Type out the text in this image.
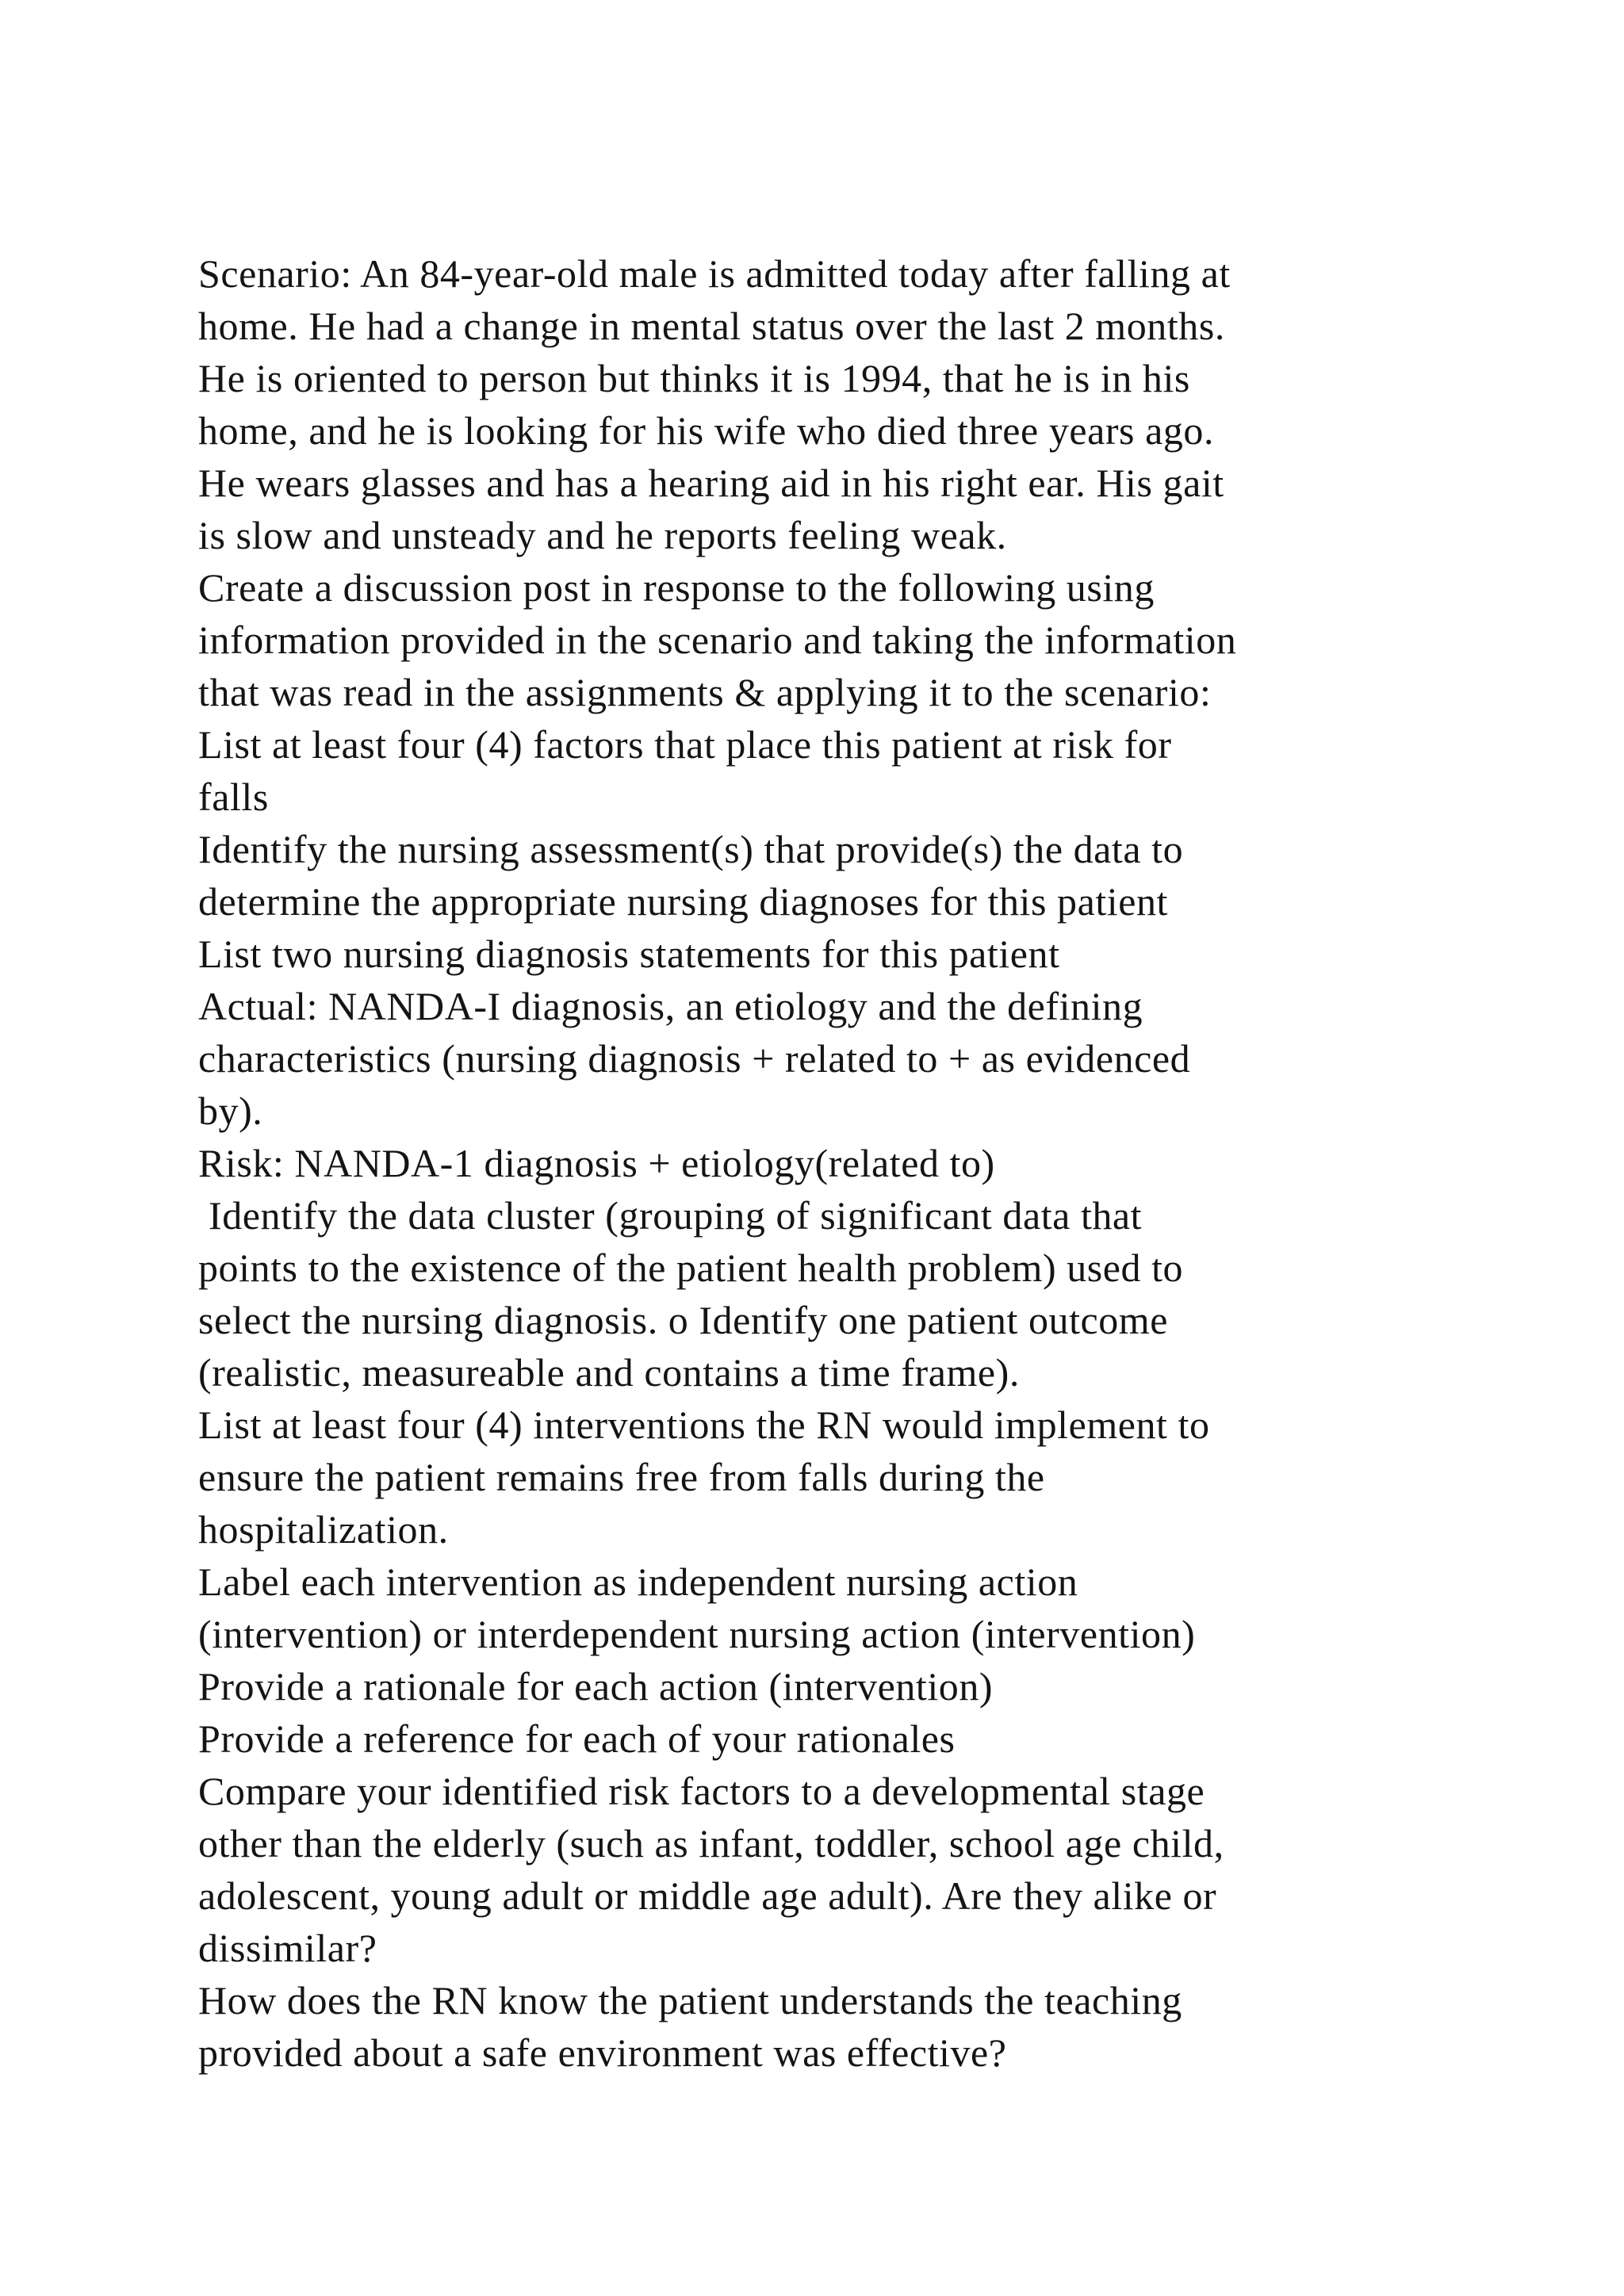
Scenario: An 84-year-old male is admitted today after falling at
home. He had a change in mental status over the last 2 months.
He is oriented to person but thinks it is 1994, that he is in his
home, and he is looking for his wife who died three years ago.
He wears glasses and has a hearing aid in his right ear. His gait
is slow and unsteady and he reports feeling weak.
Create a discussion post in response to the following using
information provided in the scenario and taking the information
that was read in the assignments & applying it to the scenario:
List at least four (4) factors that place this patient at risk for
falls
Identify the nursing assessment(s) that provide(s) the data to
determine the appropriate nursing diagnoses for this patient
List two nursing diagnosis statements for this patient
Actual: NANDA-I diagnosis, an etiology and the defining
characteristics (nursing diagnosis + related to + as evidenced
by).
Risk: NANDA-1 diagnosis + etiology(related to)
Identify the data cluster (grouping of significant data that
points to the existence of the patient health problem) used to
select the nursing diagnosis. o Identify one patient outcome
(realistic, measureable and contains a time frame).
List at least four (4) interventions the RN would implement to
ensure the patient remains free from falls during the
hospitalization.
Label each intervention as independent nursing action
(intervention) or interdependent nursing action (intervention)
Provide a rationale for each action (intervention)
Provide a reference for each of your rationales
Compare your identified risk factors to a developmental stage
other than the elderly (such as infant, toddler, school age child,
adolescent, young adult or middle age adult). Are they alike or
dissimilar?
How does the RN know the patient understands the teaching
provided about a safe environment was effective?
